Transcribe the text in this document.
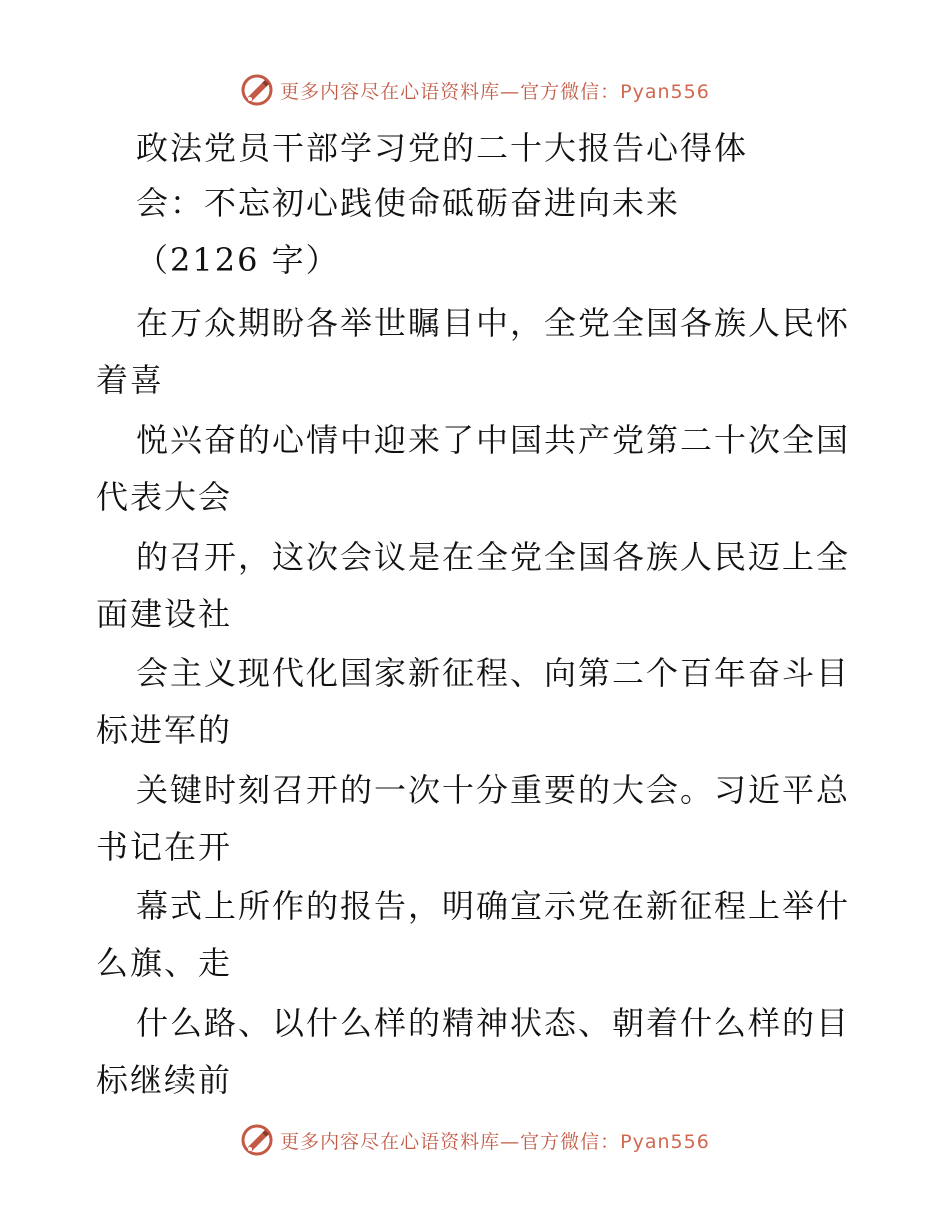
更多内容尽在心语资料库—官方微信：Pyan556
政法党员干部学习党的二十大报告心得体
会：不忘初心践使命砥砺奋进向未来
（2126 字）
在万众期盼各举世瞩目中，全党全国各族人民怀
着喜
悦兴奋的心情中迎来了中国共产党第二十次全国
代表大会
的召开，这次会议是在全党全国各族人民迈上全
面建设社
会主义现代化国家新征程、向第二个百年奋斗目
标进军的
关键时刻召开的一次十分重要的大会。习近平总
书记在开
幕式上所作的报告，明确宣示党在新征程上举什
么旗、走
什么路、以什么样的精神状态、朝着什么样的目
标继续前
更多内容尽在心语资料库—官方微信：Pyan556
